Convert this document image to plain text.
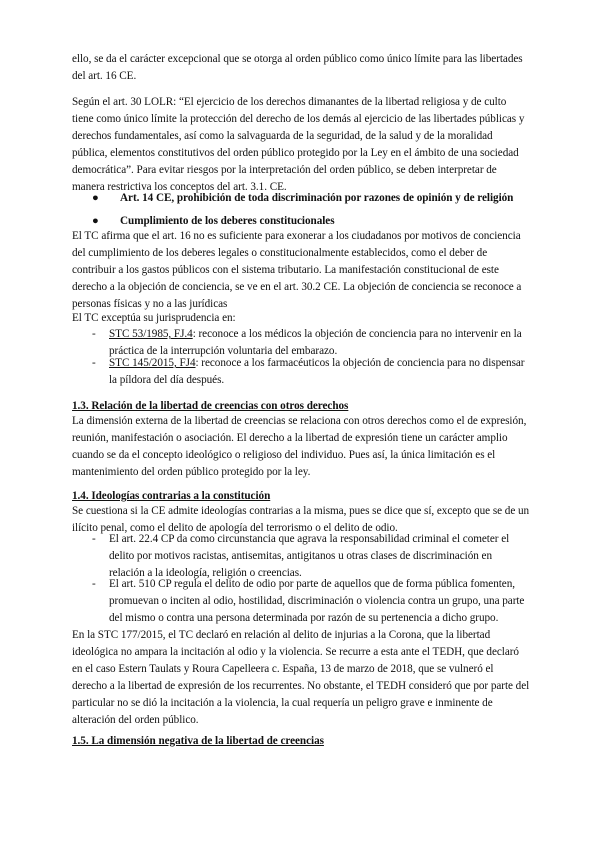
ello, se da el carácter excepcional que se otorga al orden público como único límite para las libertades del art. 16 CE.

Según el art. 30 LOLR: “El ejercicio de los derechos dimanantes de la libertad religiosa y de culto tiene como único límite la protección del derecho de los demás al ejercicio de las libertades públicas y derechos fundamentales, así como la salvaguarda de la seguridad, de la salud y de la moralidad pública, elementos constitutivos del orden público protegido por la Ley en el ámbito de una sociedad democrática”. Para evitar riesgos por la interpretación del orden público, se deben interpretar de manera restrictiva los conceptos del art. 3.1. CE.

● Art. 14 CE, prohibición de toda discriminación por razones de opinión y de religión
● Cumplimiento de los deberes constitucionales

El TC afirma que el art. 16 no es suficiente para exonerar a los ciudadanos por motivos de conciencia del cumplimiento de los deberes legales o constitucionalmente establecidos, como el deber de contribuir a los gastos públicos con el sistema tributario. La manifestación constitucional de este derecho a la objeción de conciencia, se ve en el art. 30.2 CE. La objeción de conciencia se reconoce a personas físicas y no a las jurídicas

El TC exceptúa su jurisprudencia en:

- STC 53/1985, FJ.4: reconoce a los médicos la objeción de conciencia para no intervenir en la práctica de la interrupción voluntaria del embarazo.
- STC 145/2015, FJ4: reconoce a los farmacéuticos la objeción de conciencia para no dispensar la píldora del día después.

1.3. Relación de la libertad de creencias con otros derechos

La dimensión externa de la libertad de creencias se relaciona con otros derechos como el de expresión, reunión, manifestación o asociación. El derecho a la libertad de expresión tiene un carácter amplio cuando se da el concepto ideológico o religioso del individuo. Pues así, la única limitación es el mantenimiento del orden público protegido por la ley.

1.4. Ideologías contrarias a la constitución

Se cuestiona si la CE admite ideologías contrarias a la misma, pues se dice que sí, excepto que se de un ilícito penal, como el delito de apología del terrorismo o el delito de odio.

- El art. 22.4 CP da como circunstancia que agrava la responsabilidad criminal el cometer el delito por motivos racistas, antisemitas, antigitanos u otras clases de discriminación en relación a la ideología, religión o creencias.
- El art. 510 CP regula el delito de odio por parte de aquellos que de forma pública fomenten, promuevan o inciten al odio, hostilidad, discriminación o violencia contra un grupo, una parte del mismo o contra una persona determinada por razón de su pertenencia a dicho grupo.

En la STC 177/2015, el TC declaró en relación al delito de injurias a la Corona, que la libertad ideológica no ampara la incitación al odio y la violencia. Se recurre a esta ante el TEDH, que declaró en el caso Estern Taulats y Roura Capelleera c. España, 13 de marzo de 2018, que se vulneró el derecho a la libertad de expresión de los recurrentes. No obstante, el TEDH consideró que por parte del particular no se dió la incitación a la violencia, la cual requería un peligro grave e inminente de alteración del orden público.

1.5. La dimensión negativa de la libertad de creencias
